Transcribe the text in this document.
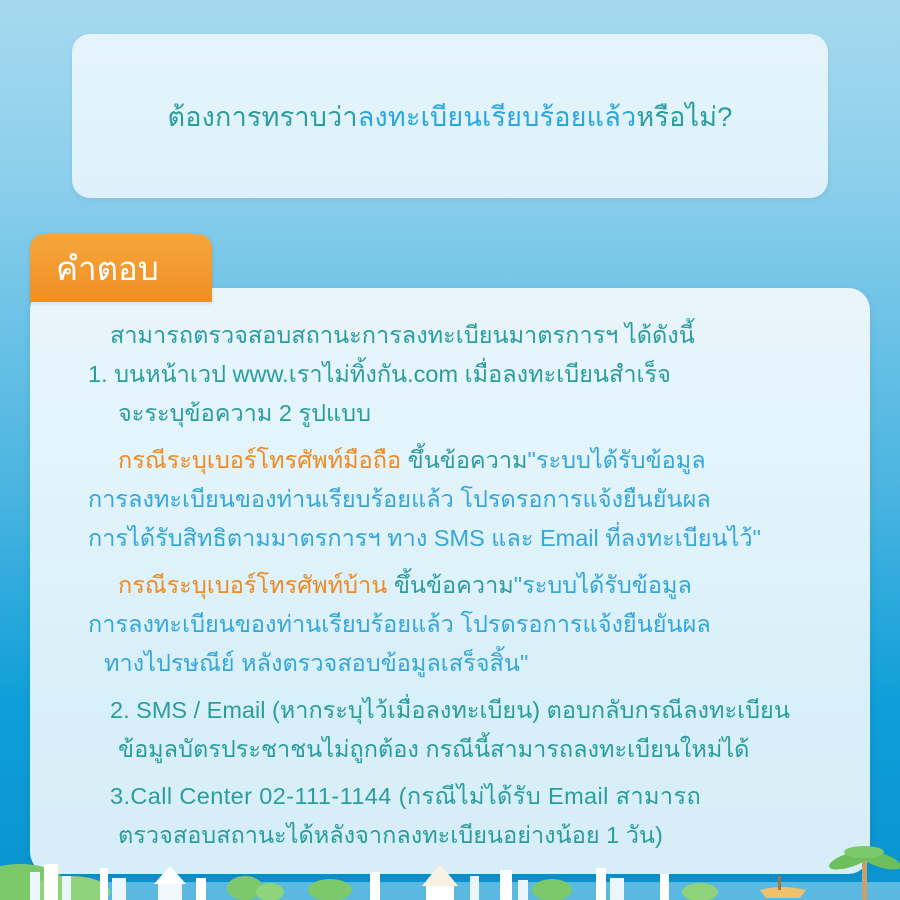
ต้องการทราบว่า ลงทะเบียนเรียบร้อยแล้ว หรือไม่?
คำตอบ
สามารถตรวจสอบสถานะการลงทะเบียนมาตรการฯ ได้ดังนี้
1. บนหน้าเวป www.เราไม่ทิ้งกัน.com เมื่อลงทะเบียนสำเร็จ
จะระบุข้อความ 2 รูปแบบ
กรณีระบุเบอร์โทรศัพท์มือถือ ขึ้นข้อความ"ระบบได้รับข้อมูล
การลงทะเบียนของท่านเรียบร้อยแล้ว โปรดรอการแจ้งยืนยันผล
การได้รับสิทธิตามมาตรการฯ ทาง SMS และ Email ที่ลงทะเบียนไว้"
กรณีระบุเบอร์โทรศัพท์บ้าน ขึ้นข้อความ"ระบบได้รับข้อมูล
การลงทะเบียนของท่านเรียบร้อยแล้ว โปรดรอการแจ้งยืนยันผล
ทางไปรษณีย์ หลังตรวจสอบข้อมูลเสร็จสิ้น"
2. SMS / Email (หากระบุไว้เมื่อลงทะเบียน) ตอบกลับกรณีลงทะเบียน
ข้อมูลบัตรประชาชนไม่ถูกต้อง กรณีนี้สามารถลงทะเบียนใหม่ได้
3.Call Center 02-111-1144 (กรณีไม่ได้รับ Email สามารถ
ตรวจสอบสถานะได้หลังจากลงทะเบียนอย่างน้อย 1 วัน)
